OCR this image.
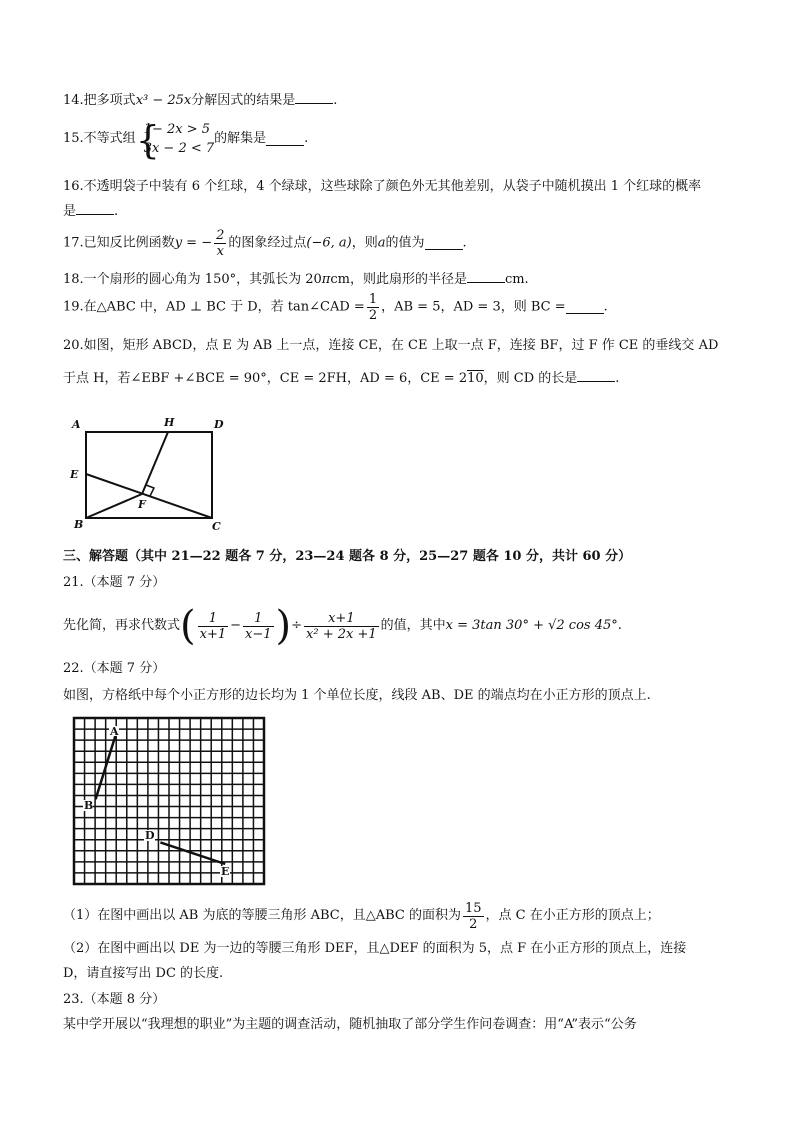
14.把多项式x³ − 25x分解因式的结果是	.
15.不等式组 {
1− 2x > 5
3x − 2 < 7
的解集是	.
16.不透明袋子中装有 6 个红球，4 个绿球，这些球除了颜色外无其他差别，从袋子中随机摸出 1 个红球的概率
是	.
17.已知反比例函数y = − $\frac{2}{x}$ 的图象经过点(−6, a)，则a的值为	.
18.一个扇形的圆心角为 150°，其弧长为 20πcm，则此扇形的半径是	cm.
19.在△ABC 中，AD ⊥ BC 于 D，若 tan∠CAD = $\frac{1}{2}$ ，AB = 5，AD = 3，则 BC =	.
20.如图，矩形 ABCD，点 E 为 AB 上一点，连接 CE，在 CE 上取一点 F，连接 BF，过 F 作 CE 的垂线交 AD
于点 H，若∠EBF +∠BCE = 90°，CE = 2FH，AD = 6，CE = 210，则 CD 的长是	.
A	H	D
E
F
B	C
三、解答题（其中 21—22 题各 7 分，23—24 题各 8 分，25—27 题各 10 分，共计 60 分）
21.（本题 7 分）
先化简，再求代数式( $\frac{1}{x+1} - \frac{1}{x-1}$ )÷ $\frac{x+1}{\text{x² + 2x +1}}$ 的值，其中x = 3tan 30° + √2 cos 45°.
22.（本题 7 分）
如图，方格纸中每个小正方形的边长均为 1 个单位长度，线段 AB、DE 的端点均在小正方形的顶点上.
A
B
D
E
（1）在图中画出以 AB 为底的等腰三角形 ABC，且△ABC 的面积为 $\frac{15}{2}$ ，点 C 在小正方形的顶点上；
（2）在图中画出以 DE 为一边的等腰三角形 DEF，且△DEF 的面积为 5，点 F 在小正方形的顶点上，连接
D，请直接写出 DC 的长度.
23.（本题 8 分）
某中学开展以“我理想的职业”为主题的调查活动，随机抽取了部分学生作问卷调查：用“A”表示“公务
